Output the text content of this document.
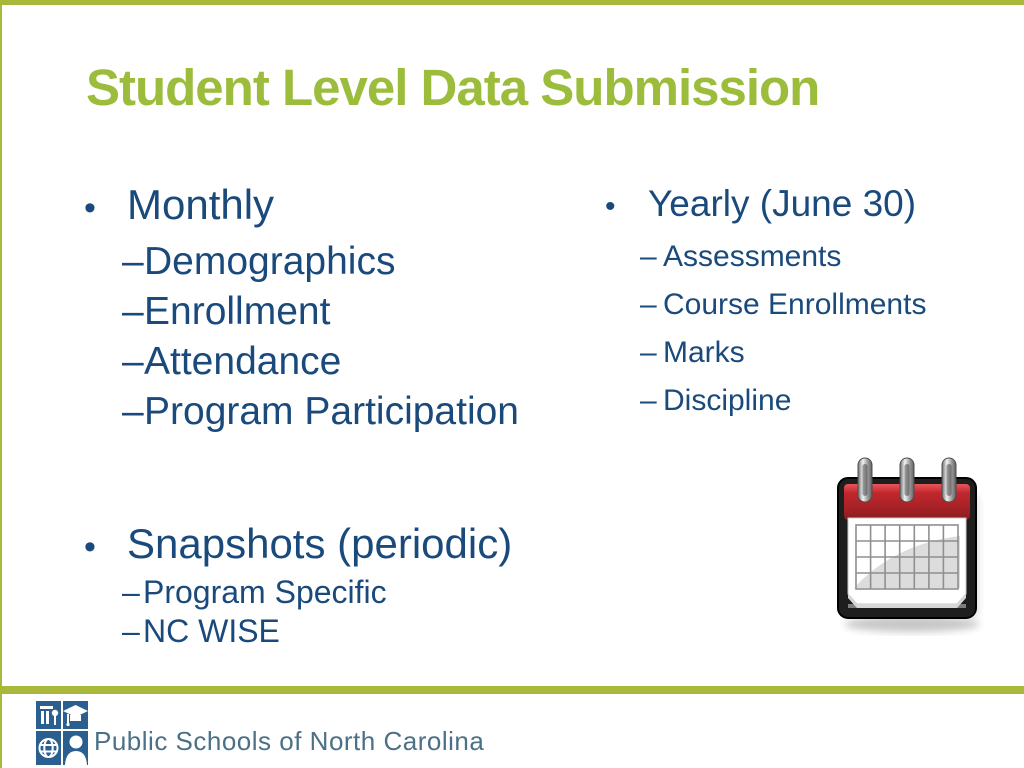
Student Level Data Submission
• Monthly
– Demographics
– Enrollment
– Attendance
– Program Participation
• Snapshots (periodic)
– Program Specific
– NC WISE
• Yearly (June 30)
– Assessments
– Course Enrollments
– Marks
– Discipline
Public Schools of North Carolina
